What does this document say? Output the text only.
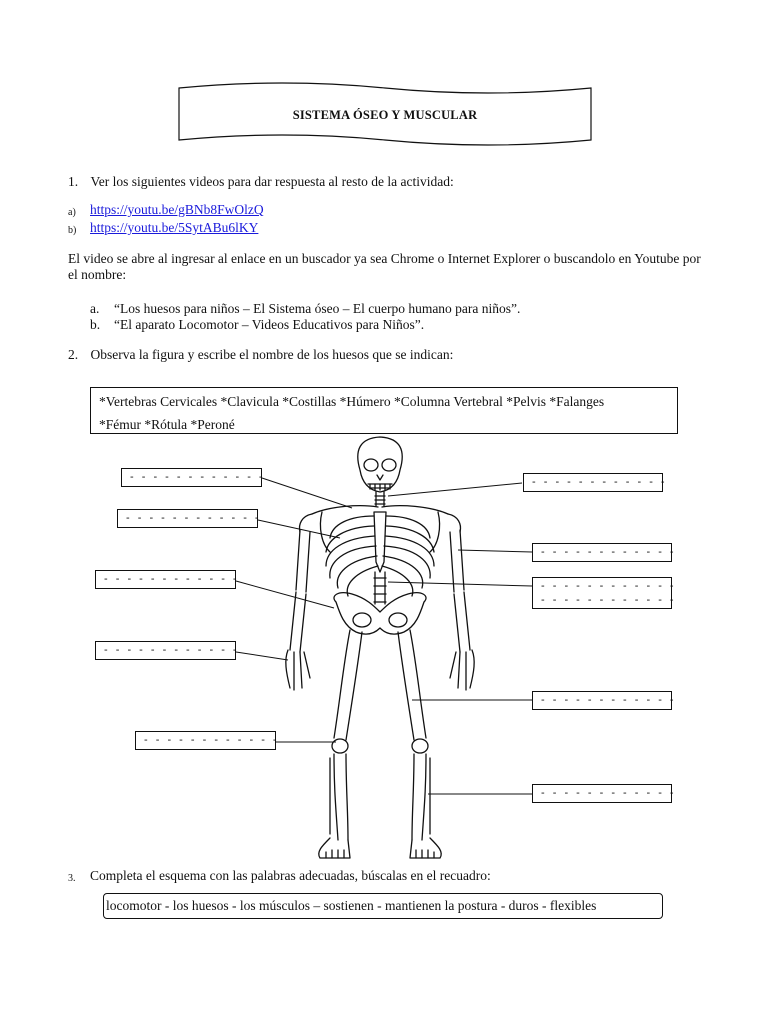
SISTEMA ÓSEO Y MUSCULAR
1. Ver los siguientes videos para dar respuesta al resto de la actividad:
a) https://youtu.be/gBNb8FwOlzQ
b) https://youtu.be/5SytABu6lKY
El video se abre al ingresar al enlace en un buscador ya sea Chrome o Internet Explorer o buscandolo en Youtube por
el nombre:
a. “Los huesos para niños – El Sistema óseo – El cuerpo humano para niños”.
b. “El aparato Locomotor – Videos Educativos para Niños”.
2. Observa la figura y escribe el nombre de los huesos que se indican:

*Vertebras Cervicales *Clavicula *Costillas *Húmero *Columna Vertebral *Pelvis *Falanges

*Fémur *Rótula *Peroné

- - - - - - - - - - - -	- - - - - - - - - - - -
- - - - - - - - - - - -
- - - - - - - - - - - -
- - - - - - - - - - - -
- - - - - - - - - - - -
- - - - - - - - - - - -
- - - - - - - - - - - -
- - - - - - - - - - - -
- - - - - - - - - - - -
- - - - - - - - - - - -
3. Completa el esquema con las palabras adecuadas, búscalas en el recuadro:
locomotor - los huesos - los músculos – sostienen - mantienen la postura - duros - flexibles
